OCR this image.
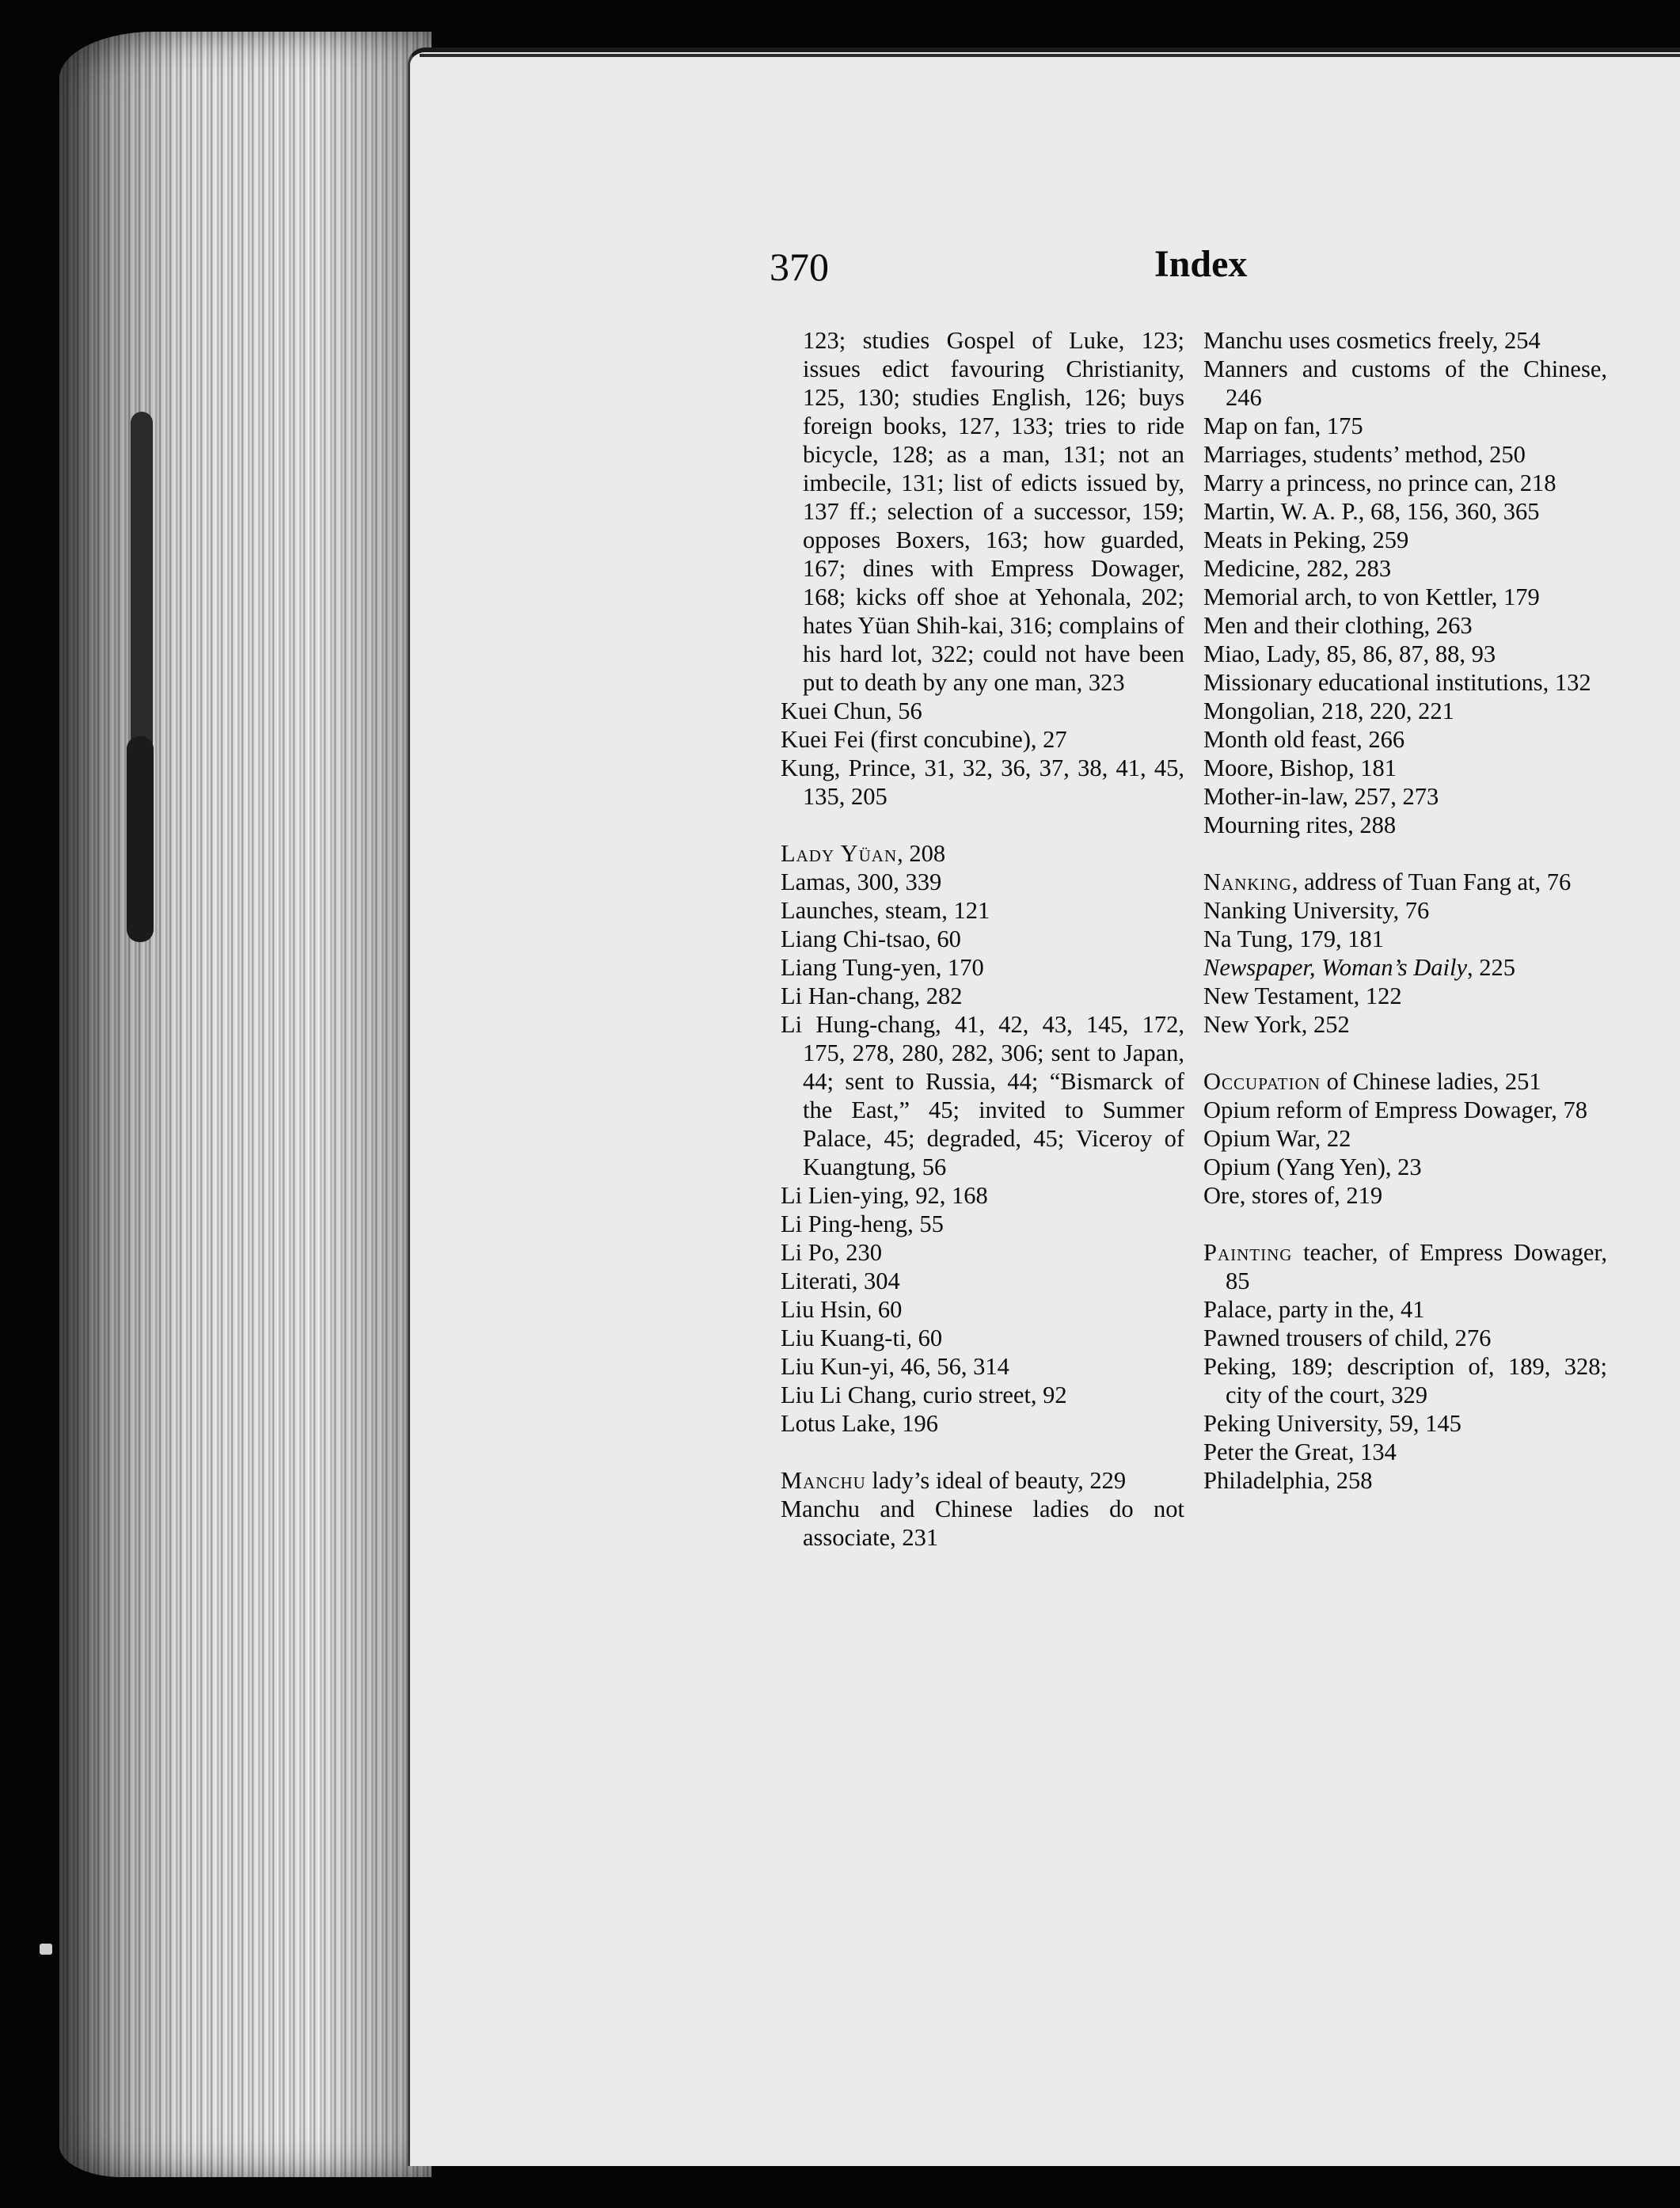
370	Index

123; studies Gospel of Luke, 123; issues edict favouring Christianity, 125, 130; studies English, 126; buys foreign books, 127, 133; tries to ride bicycle, 128; as a man, 131; not an imbecile, 131; list of edicts issued by, 137 ff.; selection of a successor, 159; opposes Boxers, 163; how guarded, 167; dines with Empress Dowager, 168; kicks off shoe at Yehonala, 202; hates Yüan Shih-kai, 316; complains of his hard lot, 322; could not have been put to death by any one man, 323

Kuei Chun, 56

Kuei Fei (first concubine), 27

Kung, Prince, 31, 32, 36, 37, 38, 41, 45, 135, 205

Lady Yüan, 208

Lamas, 300, 339

Launches, steam, 121

Liang Chi-tsao, 60

Liang Tung-yen, 170

Li Han-chang, 282

Li Hung-chang, 41, 42, 43, 145, 172, 175, 278, 280, 282, 306; sent to Japan, 44; sent to Russia, 44; “Bismarck of the East,” 45; invited to Summer Palace, 45; degraded, 45; Viceroy of Kuangtung, 56

Li Lien-ying, 92, 168

Li Ping-heng, 55

Li Po, 230

Literati, 304

Liu Hsin, 60

Liu Kuang-ti, 60

Liu Kun-yi, 46, 56, 314

Liu Li Chang, curio street, 92

Lotus Lake, 196

Manchu lady’s ideal of beauty, 229

Manchu and Chinese ladies do not associate, 231

Manchu uses cosmetics freely, 254

Manners and customs of the Chinese, 246

Map on fan, 175

Marriages, students’ method, 250

Marry a princess, no prince can, 218

Martin, W. A. P., 68, 156, 360, 365

Meats in Peking, 259

Medicine, 282, 283

Memorial arch, to von Kettler, 179

Men and their clothing, 263

Miao, Lady, 85, 86, 87, 88, 93

Missionary educational institutions, 132

Mongolian, 218, 220, 221

Month old feast, 266

Moore, Bishop, 181

Mother-in-law, 257, 273

Mourning rites, 288

Nanking, address of Tuan Fang at, 76

Nanking University, 76

Na Tung, 179, 181

Newspaper, Woman’s Daily, 225

New Testament, 122

New York, 252

Occupation of Chinese ladies, 251

Opium reform of Empress Dowager, 78

Opium War, 22

Opium (Yang Yen), 23

Ore, stores of, 219

Painting teacher, of Empress Dowager, 85

Palace, party in the, 41

Pawned trousers of child, 276

Peking, 189; description of, 189, 328; city of the court, 329

Peking University, 59, 145

Peter the Great, 134

Philadelphia, 258
